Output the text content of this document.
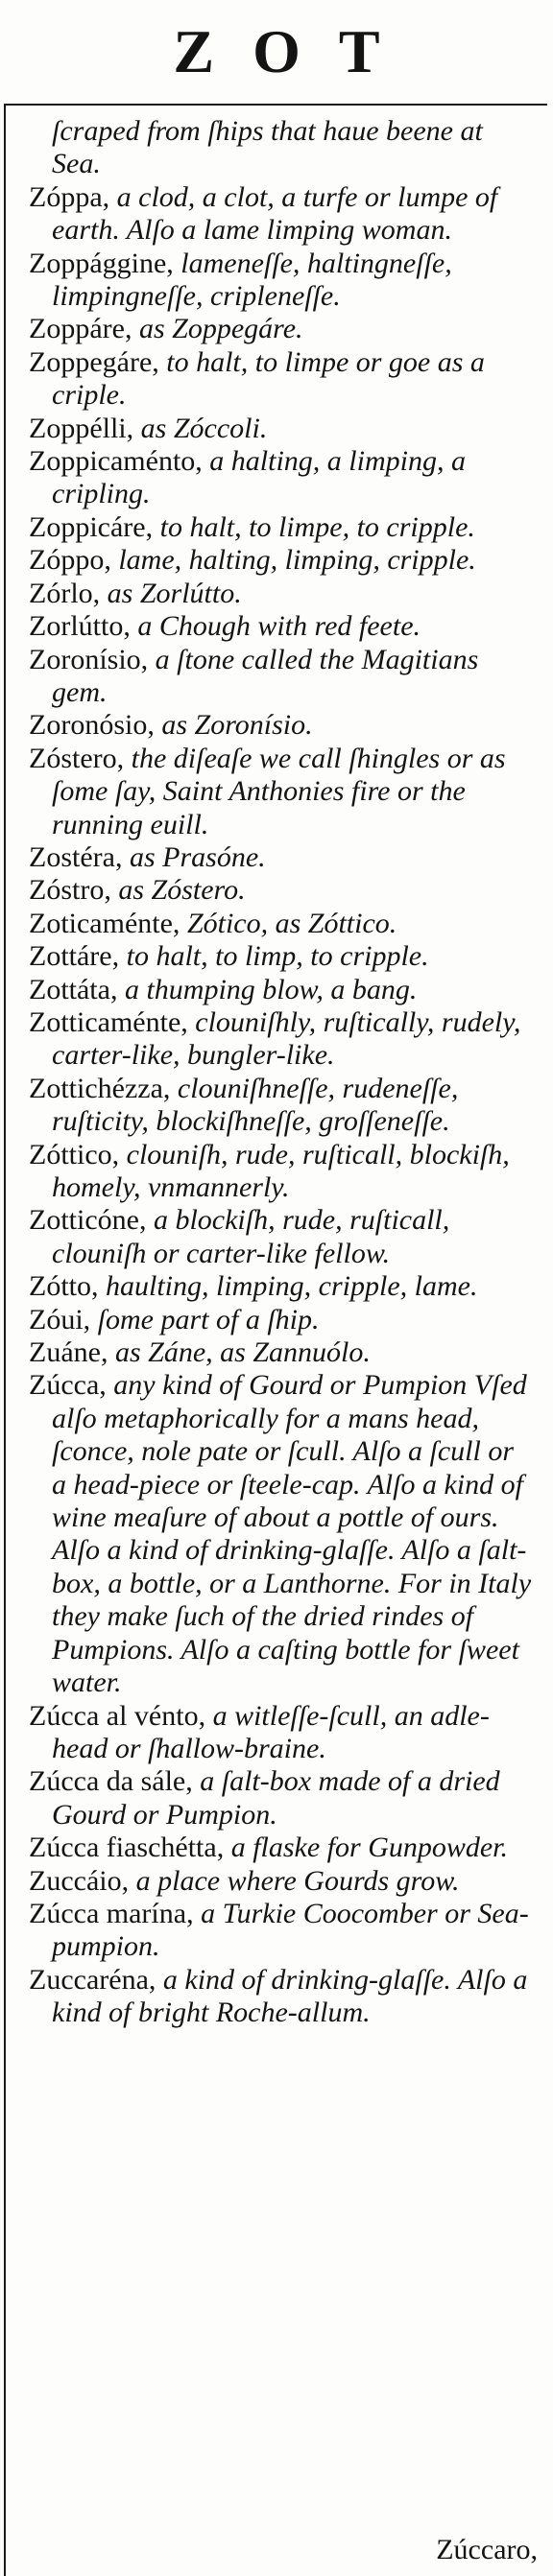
ZOT
ſcraped from ſhips that haue beene at Sea.
Zóppa, a clod, a clot, a turfe or lumpe of earth. Alſo a lame limping woman.
Zoppággine, lameneſſe, haltingneſſe, limpingneſſe, cripleneſſe.
Zoppáre, as Zoppegáre.
Zoppegáre, to halt, to limpe or goe as a criple.
Zoppélli, as Zóccoli.
Zoppicaménto, a halting, a limping, a cripling.
Zoppicáre, to halt, to limpe, to cripple.
Zóppo, lame, halting, limping, cripple.
Zórlo, as Zorlútto.
Zorlútto, a Chough with red feete.
Zoronísio, a ſtone called the Magitians gem.
Zoronósio, as Zoronísio.
Zóstero, the diſeaſe we call ſhingles or as ſome ſay, Saint Anthonies fire or the running euill.
Zostéra, as Prasóne.
Zóstro, as Zóstero.
Zoticaménte, Zótico, as Zóttico.
Zottáre, to halt, to limp, to cripple.
Zottáta, a thumping blow, a bang.
Zotticaménte, clouniſhly, ruſtically, rudely, carter-like, bungler-like.
Zottichézza, clouniſhneſſe, rudeneſſe, ruſticity, blockiſhneſſe, groſſeneſſe.
Zóttico, clouniſh, rude, ruſticall, blockiſh, homely, vnmannerly.
Zotticóne, a blockiſh, rude, ruſticall, clouniſh or carter-like fellow.
Zótto, haulting, limping, cripple, lame.
Zóui, ſome part of a ſhip.
Zuáne, as Záne, as Zannuólo.
Zúcca, any kind of Gourd or Pumpion Vſed alſo metaphorically for a mans head, ſconce, nole pate or ſcull. Alſo a ſcull or a head-piece or ſteele-cap. Alſo a kind of wine meaſure of about a pottle of ours. Alſo a kind of drinking-glaſſe. Alſo a ſalt-box, a bottle, or a Lanthorne. For in Italy they make ſuch of the dried rindes of Pumpions. Alſo a caſting bottle for ſweet water.
Zúcca al vénto, a witleſſe-ſcull, an adle-head or ſhallow-braine.
Zúcca da sále, a ſalt-box made of a dried Gourd or Pumpion.
Zúcca fiaschétta, a flaske for Gunpowder.
Zuccáio, a place where Gourds grow.
Zúcca marína, a Turkie Coocomber or Sea-pumpion.
Zuccaréna, a kind of drinking-glaſſe. Alſo a kind of bright Roche-allum.
Zúccaro,
